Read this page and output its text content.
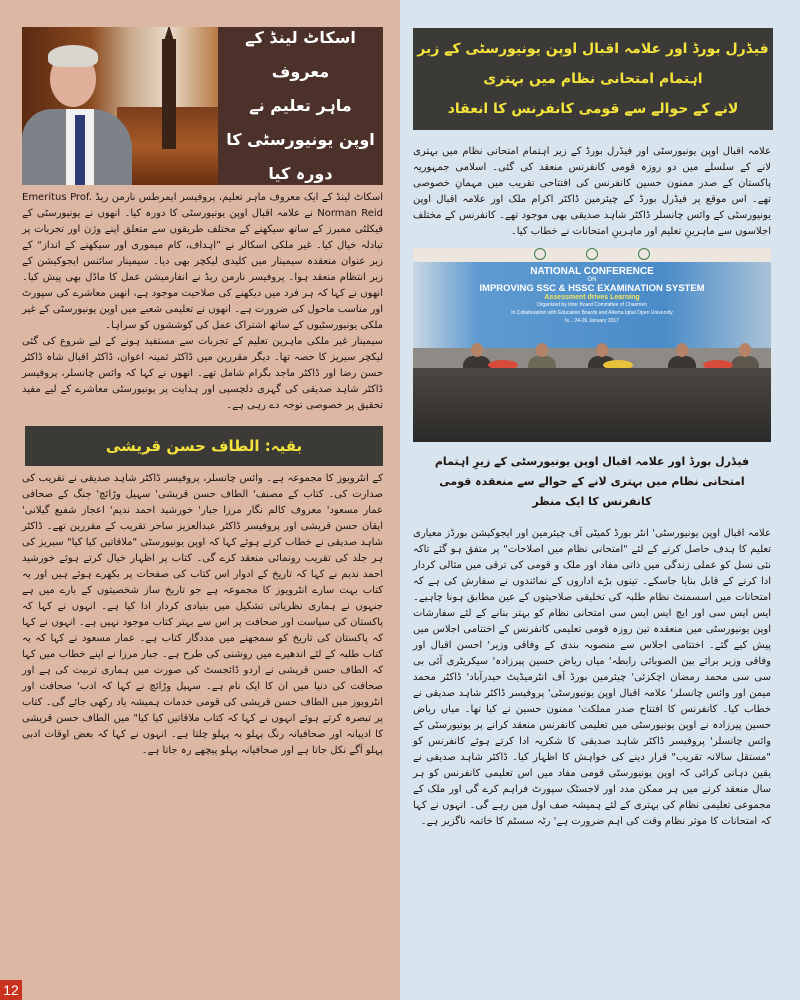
اسکاٹ لینڈ کے معروف
ماہر تعلیم نے
اوپن یونیورسٹی کا دورہ کیا

اسکاٹ لینڈ کے ایک معروف ماہر تعلیم، پروفیسر ایمرطس نارمن ریڈ Emeritus Prof. Norman Reid نے علامہ اقبال اوپن یونیورسٹی کا دورہ کیا۔ انھوں نے یونیورسٹی کے فیکلٹی ممبرز کے ساتھ سیکھنے کے مختلف طریقوں سے متعلق اپنے وژن اور تجربات پر تبادلہ خیال کیا۔ غیر ملکی اسکالر نے ”اہداف، کام میموری اور سیکھنے کے انداز“ کے زیر عنوان منعقدہ سیمینار میں کلیدی لیکچر بھی دیا۔ سیمینار سائنس ایجوکیشن کے زیر انتظام منعقد ہوا۔ پروفیسر نارمن ریڈ نے انفارمیشن عمل کا ماڈل بھی پیش کیا۔ انھوں نے کہا کہ ہر فرد میں دیکھنے کی صلاحیت موجود ہے، انھیں معاشرے کی سپورٹ اور مناسب ماحول کی ضرورت ہے۔ انھوں نے تعلیمی شعبے میں اوپن یونیورسٹی کے غیر ملکی یونیورسٹیوں کے ساتھ اشتراک عمل کی کوششوں کو سراہا۔

سیمینار غیر ملکی ماہرین تعلیم کے تجربات سے مستفید ہونے کے لیے شروع کی گئی لیکچر سیریز کا حصہ تھا۔ دیگر مقررین میں ڈاکٹر ثمینہ اعوان، ڈاکٹر اقبال شاہ ڈاکٹر حسن رضا اور ڈاکٹر ماجد بگرام شامل تھے۔ انھوں نے کہا کہ وائس چانسلر، پروفیسر ڈاکٹر شاہد صدیقی کی گہری دلچسپی اور ہدایت پر یونیورسٹی معاشرے کے لیے مفید تحقیق پر خصوصی توجہ دے رہی ہے۔

بقیہ: الطاف حسن قریشی

کے انٹرویوز کا مجموعہ ہے۔ وائس چانسلر، پروفیسر ڈاکٹر شاہد صدیقی نے تقریب کی صدارت کی۔ کتاب کے مصنف' الطاف حسن قریشی' سہیل وڑائچ' جنگ کے صحافی عمار مسعود' معروف کالم نگار مرزا جبار' خورشید احمد ندیم' اعجاز شفیع گیلانی' ایقان حسن قریشی اور پروفیسر ڈاکٹر عبدالعزیز ساحر تقریب کے مقررین تھے۔ ڈاکٹر شاہد صدیقی نے خطاب کرتے ہوئے کہا کہ اوپن یونیورسٹی "ملاقاتیں کیا کیا" سیریز کی ہر جلد کی تقریب رونمائی منعقد کرے گی۔ کتاب پر اظہار خیال کرتے ہوئے خورشید احمد ندیم نے کہا کہ تاریخ کے ادوار اس کتاب کی صفحات پر بکھرے ہوئے ہیں اور یہ کتاب بہت سارے انٹرویوز کا مجموعہ ہے جو تاریخ ساز شخصیتوں کے بارے میں ہے جنہوں نے ہماری نظریاتی تشکیل میں بنیادی کردار ادا کیا ہے۔ انہوں نے کہا کہ پاکستان کی سیاست اور صحافت پر اس سے بہتر کتاب موجود نہیں ہے۔ انہوں نے کہا کہ پاکستان کی تاریخ کو سمجھنے میں مددگار کتاب ہے۔ عمار مسعود نے کہا کہ یہ کتاب طلبہ کے لئے اندھیرے میں روشنی کی طرح ہے۔ جبار مرزا نے اپنے خطاب میں کہا کہ الطاف حسن قریشی نے اردو ڈائجسٹ کی صورت میں ہماری تربیت کی ہے اور صحافت کی دنیا میں ان کا ایک نام ہے۔ سہیل وڑائچ نے کہا کہ ادب' صحافت اور انٹرویوز میں الطاف حسن قریشی کی قومی خدمات ہمیشہ یاد رکھی جائے گی۔ کتاب پر تبصرہ کرتے ہوئے انہوں نے کہا کہ کتاب ملاقاتیں کیا کیا" میں الطاف حسن قریشی کا ادیبانہ اور صحافیانہ رنگ پہلو بہ پہلو چلتا ہے۔ انہوں نے کہا کہ بعض اوقات ادبی پہلو آگے نکل جاتا ہے اور صحافیانہ پہلو پیچھے رہ جاتا ہے۔

12
فیڈرل بورڈ اور علامہ اقبال اوپن یونیورسٹی کے زیر اہتمام امتحانی نظام میں بہتری
لانے کے حوالے سے قومی کانفرنس کا انعقاد

علامہ اقبال اوپن یونیورسٹی اور فیڈرل بورڈ کے زیر اہتمام امتحانی نظام میں بہتری لانے کے سلسلے میں دو روزہ قومی کانفرنس منعقد کی گئی۔ اسلامی جمہوریہ پاکستان کے صدر ممنون حسین کانفرنس کی افتتاحی تقریب میں مہمانِ خصوصی تھے۔ اس موقع پر فیڈرل بورڈ کے چیئرمین ڈاکٹر اکرام ملک اور علامہ اقبال اوپن یونیورسٹی کے وائس چانسلر ڈاکٹر شاہد صدیقی بھی موجود تھے۔ کانفرنس کے مختلف اجلاسوں سے ماہرینِ تعلیم اور ماہرینِ امتحانات نے خطاب کیا۔

NATIONAL CONFERENCE
ON
IMPROVING SSC & HSSC EXAMINATION SYSTEM
Assessment drives Learning
Organized by Inter Board Committee of Chairmen
In Collaboration with Education Boards and Allama Iqbal Open University
Is... 24-26 January 2017
فیڈرل بورڈ اور علامہ اقبال اوپن یونیورسٹی کے زیرِ اہتمام
امتحانی نظام میں بہتری لانے کے حوالے سے منعقدہ قومی کانفرنس کا ایک منظر

علامہ اقبال اوپن یونیورسٹی' انٹر بورڈ کمیٹی آف چیئرمین اور ایجوکیشن بورڈز معیاری تعلیم کا ہدف حاصل کرنے کے لئے "امتحانی نظام میں اصلاحات" پر متفق ہو گئے تاکہ نئی نسل کو عملی زندگی میں ذاتی مفاد اور ملک و قومی کی ترقی میں مثالی کردار ادا کرنے کے قابل بنایا جاسکے۔ تینوں بڑے اداروں کے نمائندوں نے سفارش کی ہے کہ امتحانات میں اسسمنٹ نظام طلبہ کی تخلیقی صلاحیتوں کے عین مطابق ہونا چاہیے۔ ایس ایس سی اور ایچ ایس ایس سی امتحانی نظام کو بہتر بنانے کے لئے سفارشات اوپن یونیورسٹی میں منعقدہ تین روزہ قومی تعلیمی کانفرنس کے اختتامی اجلاس میں پیش کیے گئے۔ اختتامی اجلاس سے منصوبہ بندی کے وفاقی وزیر' احسن اقبال اور وفاقی وزیر برائے بین الصوبائی رابطہ' میاں ریاض حسین پیرزادہ' سیکریٹری آئی بی سی سی محمد رمضان اچکزئی' چیئرمین بورڈ آف انٹرمیڈیٹ حیدرآباد' ڈاکٹر محمد میمن اور وائس چانسلر' علامہ اقبال اوپن یونیورسٹی' پروفیسر ڈاکٹر شاہد صدیقی نے خطاب کیا۔ کانفرنس کا افتتاح صدر مملکت' ممنون حسین نے کیا تھا۔ میاں ریاض حسین پیرزادہ نے اوپن یونیورسٹی میں تعلیمی کانفرنس منعقد کرانے پر یونیورسٹی کے وائس چانسلر' پروفیسر ڈاکٹر شاہد صدیقی کا شکریہ ادا کرتے ہوئے کانفرنس کو "مستقل سالانہ تقریب" قرار دینے کی خواہش کا اظہار کیا۔ ڈاکٹر شاہد صدیقی نے یقین دہانی کرائی کہ اوپن یونیورسٹی قومی مفاد میں اس تعلیمی کانفرنس کو ہر سال منعقد کرنے میں ہر ممکن مدد اور لاجسٹک سپورٹ فراہم کرے گی اور ملک کے مجموعی تعلیمی نظام کی بہتری کے لئے ہمیشہ صف اول میں رہے گی۔ انہوں نے کہا کہ امتحانات کا موثر نظام وقت کی اہم ضرورت ہے' رٹہ سسٹم کا خاتمہ ناگزیر ہے۔
